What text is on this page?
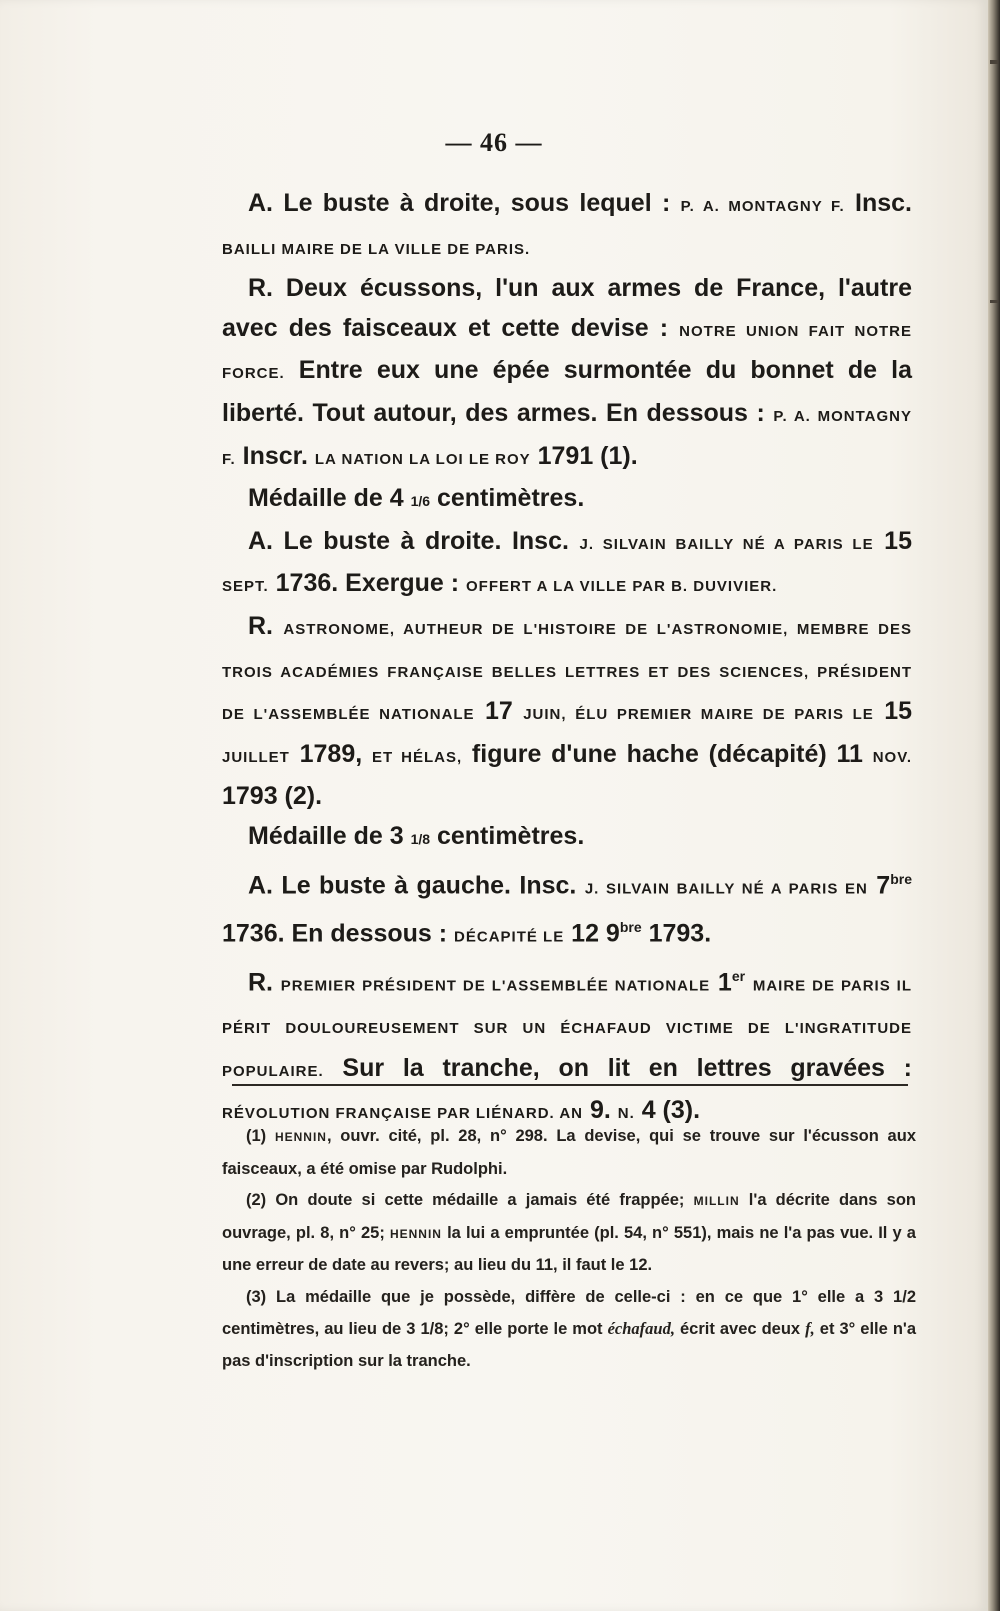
— 46 —

A. Le buste à droite, sous lequel : P. A. MONTAGNY F. Insc. BAILLI MAIRE DE LA VILLE DE PARIS.

R. Deux écussons, l'un aux armes de France, l'autre avec des faisceaux et cette devise : NOTRE UNION FAIT NOTRE FORCE. Entre eux une épée surmontée du bonnet de la liberté. Tout autour, des armes. En dessous : P. A. MONTAGNY F. Inscr. LA NATION LA LOI LE ROY 1791 (1).

Médaille de 4 1/6 centimètres.

A. Le buste à droite. Insc. J. SILVAIN BAILLY NÉ A PARIS LE 15 SEPT. 1736. Exergue : OFFERT A LA VILLE PAR B. DUVIVIER.

R. ASTRONOME, AUTHEUR DE L'HISTOIRE DE L'ASTRONOMIE, MEMBRE DES TROIS ACADÉMIES FRANÇAISE BELLES LETTRES ET DES SCIENCES, PRÉSIDENT DE L'ASSEMBLÉE NATIONALE 17 JUIN, ÉLU PREMIER MAIRE DE PARIS LE 15 JUILLET 1789, ET HÉLAS, figure d'une hache (décapité) 11 NOV. 1793 (2).

Médaille de 3 1/8 centimètres.

A. Le buste à gauche. Insc. J. SILVAIN BAILLY NÉ A PARIS EN $7^{bre}$ 1736. En dessous : DÉCAPITÉ LE 12 $9^{bre}$ 1793.

R. PREMIER PRÉSIDENT DE L'ASSEMBLÉE NATIONALE 1er MAIRE DE PARIS IL PÉRIT DOULOUREUSEMENT SUR UN ÉCHAFAUD VICTIME DE L'INGRATITUDE POPULAIRE. Sur la tranche, on lit en lettres gravées : RÉVOLUTION FRANÇAISE PAR LIÉNARD. AN 9. N. 4 (3).

(1) HENNIN, ouvr. cité, pl. 28, n° 298. La devise, qui se trouve sur l'écusson aux faisceaux, a été omise par Rudolphi.

(2) On doute si cette médaille a jamais été frappée; MILLIN l'a décrite dans son ouvrage, pl. 8, n° 25; HENNIN la lui a empruntée (pl. 54, n° 551), mais ne l'a pas vue. Il y a une erreur de date au revers; au lieu du 11, il faut le 12.

(3) La médaille que je possède, diffère de celle-ci : en ce que 1° elle a 3 1/2 centimètres, au lieu de 3 1/8; 2° elle porte le mot échafaud, écrit avec deux f, et 3° elle n'a pas d'inscription sur la tranche.
